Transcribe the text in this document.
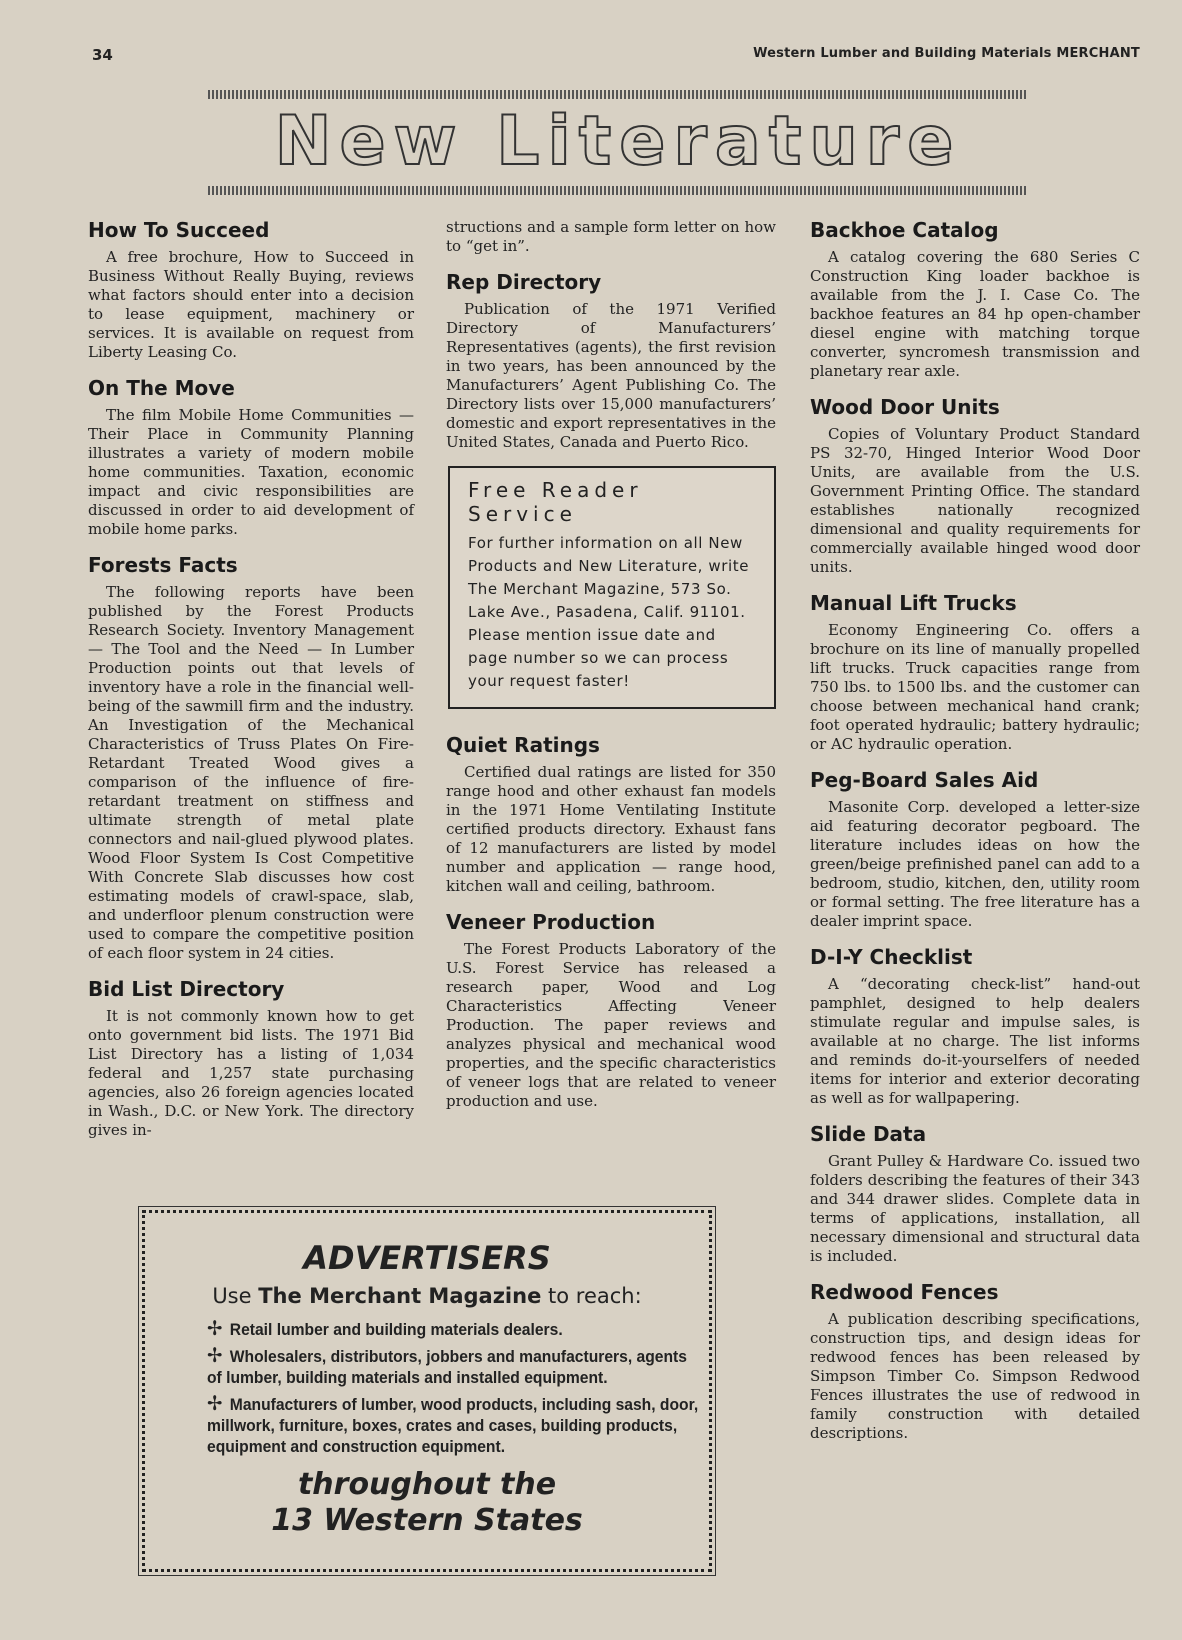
34	Western Lumber and Building Materials MERCHANT
New Literature
How To Succeed

A free brochure, How to Succeed in Business Without Really Buying, reviews what factors should enter into a decision to lease equipment, machinery or services. It is available on request from Liberty Leasing Co.

On The Move

The film Mobile Home Communities —Their Place in Community Planning illustrates a variety of modern mobile home communities. Taxation, economic impact and civic responsibilities are discussed in order to aid development of mobile home parks.

Forests Facts

The following reports have been published by the Forest Products Research Society. Inventory Management — The Tool and the Need — In Lumber Production points out that levels of inventory have a role in the financial well-being of the sawmill firm and the industry. An Investigation of the Mechanical Characteristics of Truss Plates On Fire-Retardant Treated Wood gives a comparison of the influence of fire-retardant treatment on stiffness and ultimate strength of metal plate connectors and nail-glued plywood plates. Wood Floor System Is Cost Competitive With Concrete Slab discusses how cost estimating models of crawl-space, slab, and underfloor plenum construction were used to compare the competitive position of each floor system in 24 cities.

Bid List Directory

It is not commonly known how to get onto government bid lists. The 1971 Bid List Directory has a listing of 1,034 federal and 1,257 state purchasing agencies, also 26 foreign agencies located in Wash., D.C. or New York. The directory gives in-

structions and a sample form letter on how to “get in”.

Rep Directory

Publication of the 1971 Verified Directory of Manufacturers’ Representatives (agents), the first revision in two years, has been announced by the Manufacturers’ Agent Publishing Co. The Directory lists over 15,000 manufacturers’ domestic and export representatives in the United States, Canada and Puerto Rico.

Free Reader Service
For further information on all New Products and New Literature, write The Merchant Magazine, 573 So. Lake Ave., Pasadena, Calif. 91101. Please mention issue date and page number so we can process your request faster!
Quiet Ratings

Certified dual ratings are listed for 350 range hood and other exhaust fan models in the 1971 Home Ventilating Institute certified products directory. Exhaust fans of 12 manufacturers are listed by model number and application — range hood, kitchen wall and ceiling, bathroom.

Veneer Production

The Forest Products Laboratory of the U.S. Forest Service has released a research paper, Wood and Log Characteristics Affecting Veneer Production. The paper reviews and analyzes physical and mechanical wood properties, and the specific characteristics of veneer logs that are related to veneer production and use.

Backhoe Catalog

A catalog covering the 680 Series C Construction King loader backhoe is available from the J. I. Case Co. The backhoe features an 84 hp open-chamber diesel engine with matching torque converter, syncromesh transmission and planetary rear axle.

Wood Door Units

Copies of Voluntary Product Standard PS 32-70, Hinged Interior Wood Door Units, are available from the U.S. Government Printing Office. The standard establishes nationally recognized dimensional and quality requirements for commercially available hinged wood door units.

Manual Lift Trucks

Economy Engineering Co. offers a brochure on its line of manually propelled lift trucks. Truck capacities range from 750 lbs. to 1500 lbs. and the customer can choose between mechanical hand crank; foot operated hydraulic; battery hydraulic; or AC hydraulic operation.

Peg-Board Sales Aid

Masonite Corp. developed a letter-size aid featuring decorator pegboard. The literature includes ideas on how the green/beige prefinished panel can add to a bedroom, studio, kitchen, den, utility room or formal setting. The free literature has a dealer imprint space.

D-I-Y Checklist

A “decorating check-list” hand-out pamphlet, designed to help dealers stimulate regular and impulse sales, is available at no charge. The list informs and reminds do-it-yourselfers of needed items for interior and exterior decorating as well as for wallpapering.

Slide Data

Grant Pulley & Hardware Co. issued two folders describing the features of their 343 and 344 drawer slides. Complete data in terms of applications, installation, all necessary dimensional and structural data is included.

Redwood Fences

A publication describing specifications, construction tips, and design ideas for redwood fences has been released by Simpson Timber Co. Simpson Redwood Fences illustrates the use of redwood in family construction with detailed descriptions.

ADVERTISERS
Use The Merchant Magazine to reach:
✢ Retail lumber and building materials dealers.
✢ Wholesalers, distributors, jobbers and manufacturers, agents of lumber, building materials and installed equipment.
✢ Manufacturers of lumber, wood products, including sash, door, millwork, furniture, boxes, crates and cases, building products, equipment and construction equipment.
throughout the
13 Western States
